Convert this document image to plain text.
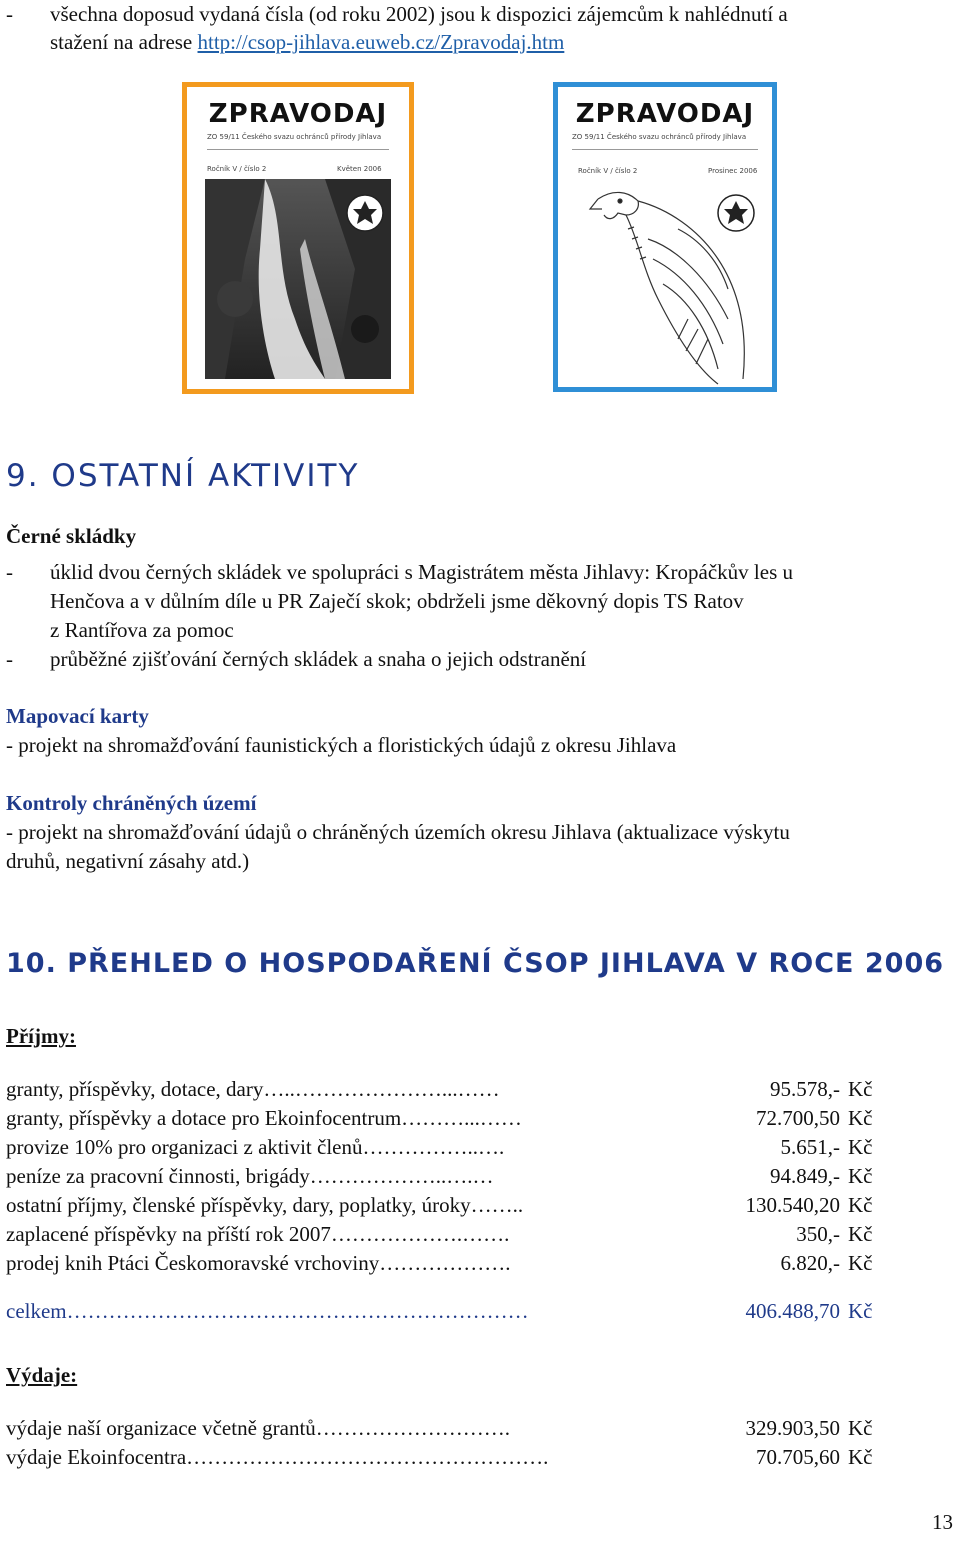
- všechna doposud vydaná čísla (od roku 2002) jsou k dispozici zájemcům k nahlédnutí a
stažení na adrese http://csop-jihlava.euweb.cz/Zpravodaj.htm
ZPRAVODAJ
ZO 59/11 Českého svazu ochránců přírody Jihlava
Ročník V / číslo 2	Květen 2006
ZPRAVODAJ
ZO 59/11 Českého svazu ochránců přírody Jihlava
Ročník V / číslo 2	Prosinec 2006
9. OSTATNÍ AKTIVITY
Černé skládky
- úklid dvou černých skládek ve spolupráci s Magistrátem města Jihlavy: Kropáčkův les u
Henčova a v důlním díle u PR Zaječí skok; obdrželi jsme děkovný dopis TS Ratov
z Rantířova za pomoc
- průběžné zjišťování černých skládek a snaha o jejich odstranění
Mapovací karty
- projekt na shromažďování faunistických a floristických údajů z okresu Jihlava
Kontroly chráněných území
- projekt na shromažďování údajů o chráněných územích okresu Jihlava (aktualizace výskytu
druhů, negativní zásahy atd.)
10. PŘEHLED O HOSPODAŘENÍ ČSOP JIHLAVA V ROCE 2006
Příjmy:
granty, příspěvky, dotace, dary…..…………………...……	95.578,- Kč
granty, příspěvky a dotace pro Ekoinfocentrum………...……	72.700,50 Kč
provize 10% pro organizaci z aktivit členů……………..….	5.651,- Kč
peníze za pracovní činnosti, brigády………………..….…	94.849,- Kč
ostatní příjmy, členské příspěvky, dary, poplatky, úroky……..	130.540,20 Kč
zaplacené příspěvky na příští rok 2007……………….…….	350,- Kč
prodej knih Ptáci Českomoravské vrchoviny……………….	6.820,- Kč
celkem…………………………………………………………	406.488,70 Kč
Výdaje:
výdaje naší organizace včetně grantů……………………….	329.903,50 Kč
výdaje Ekoinfocentra…………………………………………….	70.705,60 Kč
13
